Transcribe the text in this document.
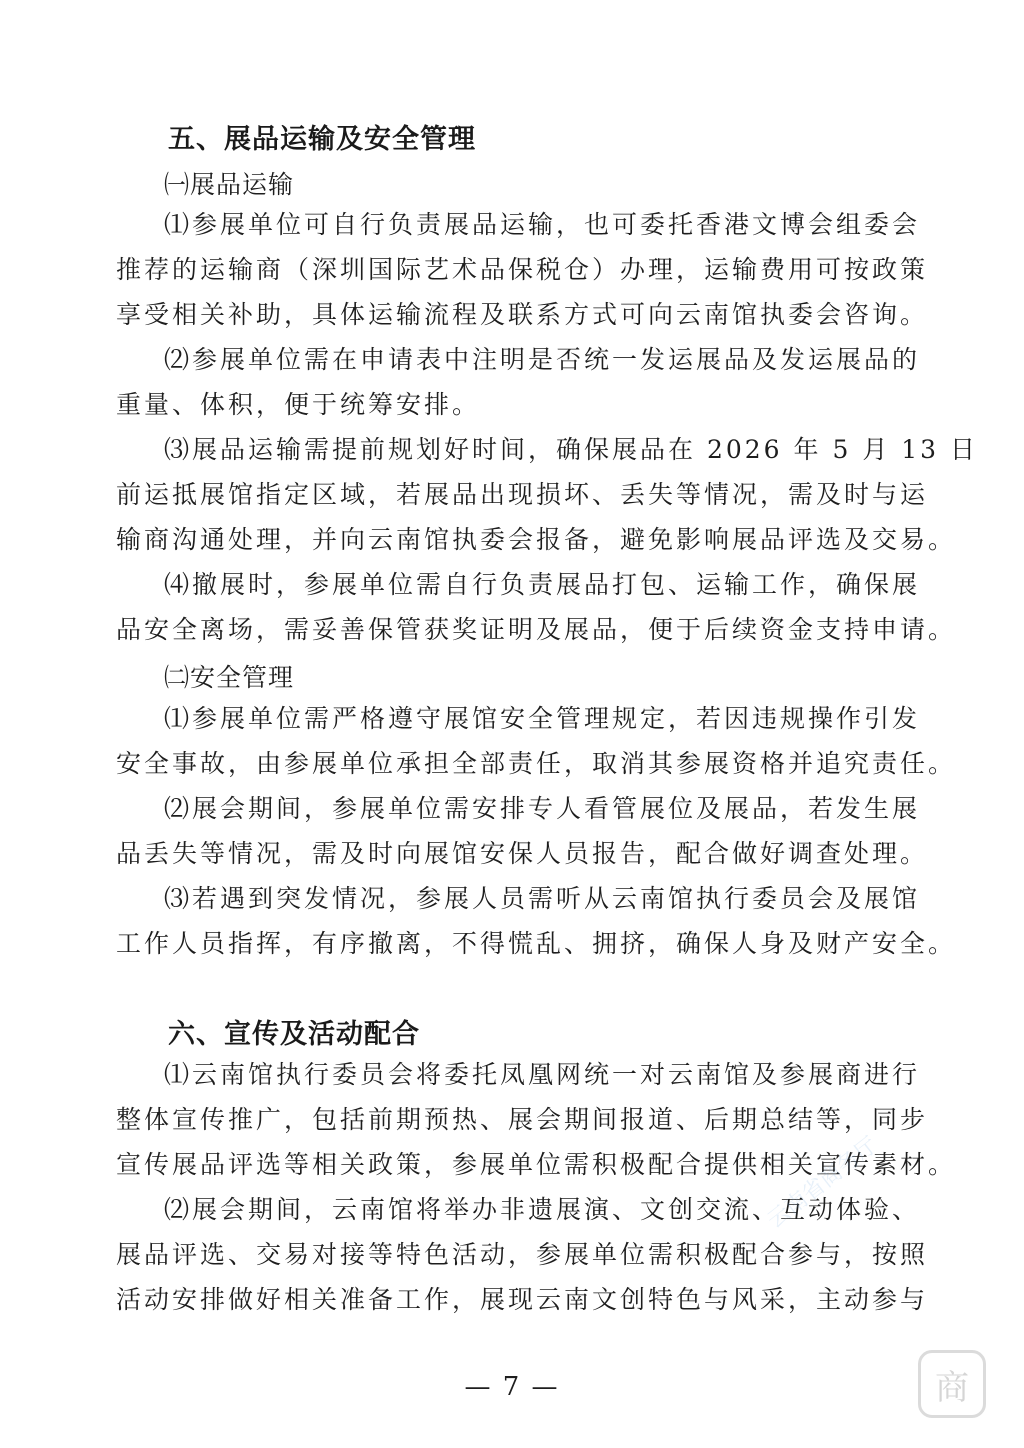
五、展品运输及安全管理
㈠展品运输
⑴参展单位可自行负责展品运输，也可委托香港文博会组委会
推荐的运输商（深圳国际艺术品保税仓）办理，运输费用可按政策
享受相关补助，具体运输流程及联系方式可向云南馆执委会咨询。
⑵参展单位需在申请表中注明是否统一发运展品及发运展品的
重量、体积，便于统筹安排。
⑶展品运输需提前规划好时间，确保展品在 2026 年 5 月 13 日
前运抵展馆指定区域，若展品出现损坏、丢失等情况，需及时与运
输商沟通处理，并向云南馆执委会报备，避免影响展品评选及交易。
⑷撤展时，参展单位需自行负责展品打包、运输工作，确保展
品安全离场，需妥善保管获奖证明及展品，便于后续资金支持申请。
㈡安全管理
⑴参展单位需严格遵守展馆安全管理规定，若因违规操作引发
安全事故，由参展单位承担全部责任，取消其参展资格并追究责任。
⑵展会期间，参展单位需安排专人看管展位及展品，若发生展
品丢失等情况，需及时向展馆安保人员报告，配合做好调查处理。
⑶若遇到突发情况，参展人员需听从云南馆执行委员会及展馆
工作人员指挥，有序撤离，不得慌乱、拥挤，确保人身及财产安全。
六、宣传及活动配合
⑴云南馆执行委员会将委托凤凰网统一对云南馆及参展商进行
整体宣传推广，包括前期预热、展会期间报道、后期总结等，同步
宣传展品评选等相关政策，参展单位需积极配合提供相关宣传素材。
⑵展会期间，云南馆将举办非遗展演、文创交流、互动体验、
展品评选、交易对接等特色活动，参展单位需积极配合参与，按照
活动安排做好相关准备工作，展现云南文创特色与风采，主动参与
— 7 —
云南省商务厅
商
